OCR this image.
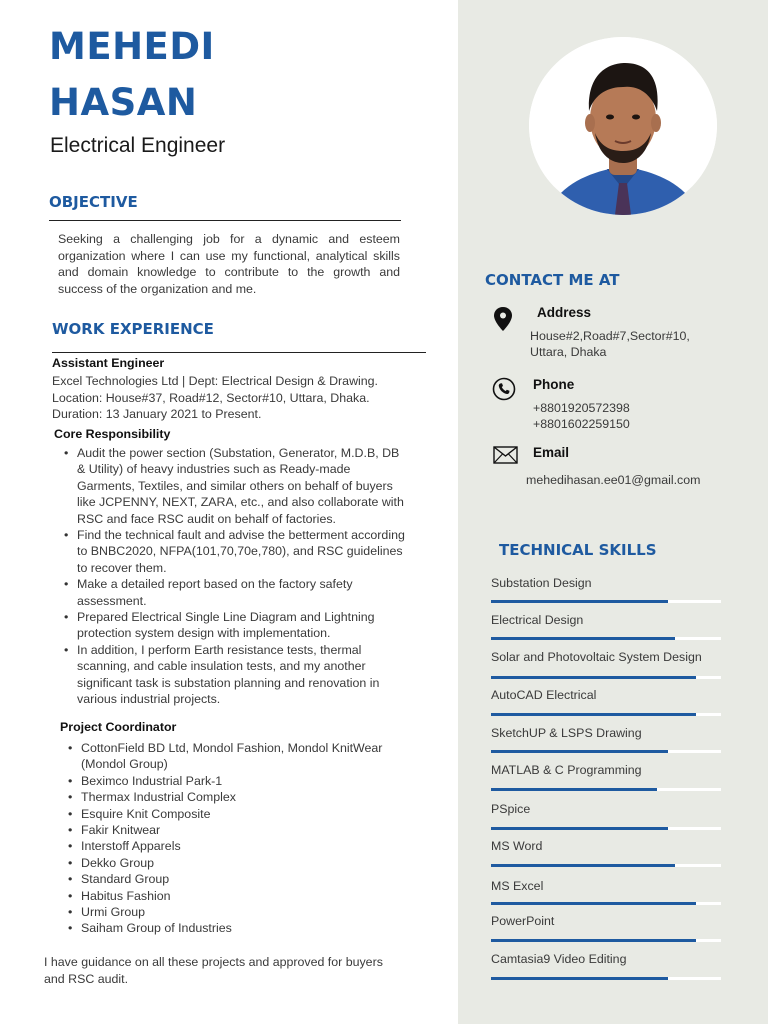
MEHEDI
HASAN
Electrical Engineer
OBJECTIVE
Seeking a challenging job for a dynamic and esteem organization where I can use my functional, analytical skills and domain knowledge to contribute to the growth and success of the organization and me.
WORK EXPERIENCE
Assistant Engineer
Excel Technologies Ltd | Dept: Electrical Design & Drawing.
Location: House#37, Road#12, Sector#10, Uttara, Dhaka.
Duration: 13 January 2021 to Present.
Core Responsibility
• Audit the power section (Substation, Generator, M.D.B, DB & Utility) of heavy industries such as Ready-made Garments, Textiles, and similar others on behalf of buyers like JCPENNY, NEXT, ZARA, etc., and also collaborate with RSC and face RSC audit on behalf of factories.
• Find the technical fault and advise the betterment according to BNBC2020, NFPA(101,70,70e,780), and RSC guidelines to recover them.
• Make a detailed report based on the factory safety assessment.
• Prepared Electrical Single Line Diagram and Lightning protection system design with implementation.
• In addition, I perform Earth resistance tests, thermal scanning, and cable insulation tests, and my another significant task is substation planning and renovation in various industrial projects.
Project Coordinator
• CottonField BD Ltd, Mondol Fashion, Mondol KnitWear (Mondol Group)
• Beximco Industrial Park-1
• Thermax Industrial Complex
• Esquire Knit Composite
• Fakir Knitwear
• Interstoff Apparels
• Dekko Group
• Standard Group
• Habitus Fashion
• Urmi Group
• Saiham Group of Industries
I have guidance on all these projects and approved for buyers and RSC audit.
CONTACT ME AT
Address
House#2,Road#7,Sector#10,
Uttara, Dhaka
Phone
+8801920572398
+8801602259150
Email
mehedihasan.ee01@gmail.com
TECHNICAL SKILLS
Substation Design
Electrical Design
Solar and Photovoltaic System Design
AutoCAD Electrical
SketchUP & LSPS Drawing
MATLAB & C Programming
PSpice
MS Word
MS Excel
PowerPoint
Camtasia9 Video Editing
